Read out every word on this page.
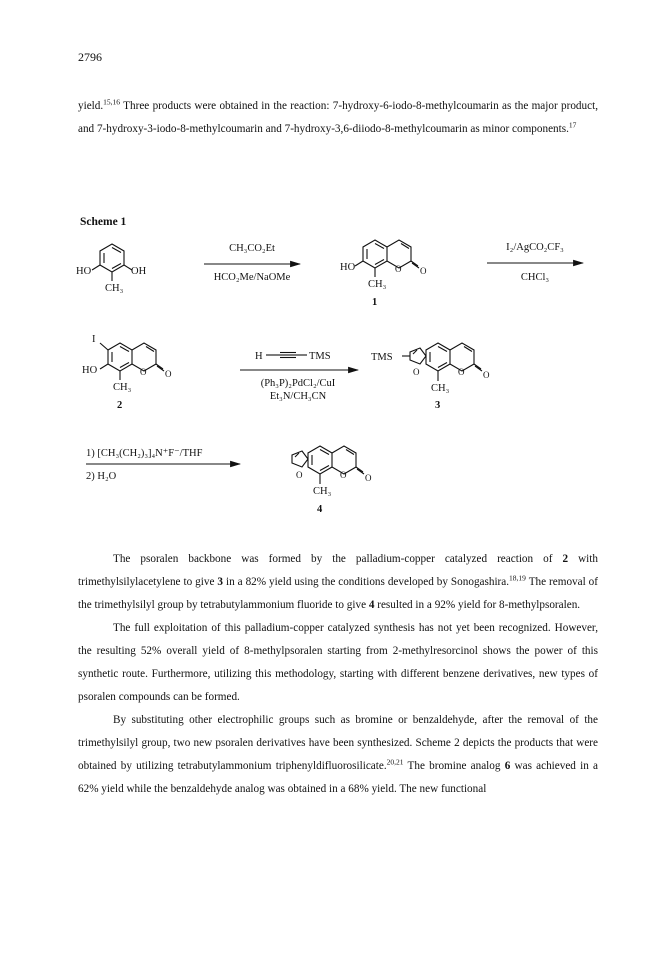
2796

yield.$^{15,16}$ Three products were obtained in the reaction: 7-hydroxy-6-iodo-8-methylcoumarin as the major product, and 7-hydroxy-3-iodo-8-methylcoumarin and 7-hydroxy-3,6-diiodo-8-methylcoumarin as minor components.$^{17}$

Scheme 1
HO	OH
CH₃
CH₃CO₂Et
HCO₂Me/NaOMe
HO	O O
CH₃
1
I₂/AgCO₂CF₃
CHCl₃
I
HO	O O
CH₃
2
H	TMS
(Ph₃P)₂PdCl₂/CuI
Et₃N/CH₃CN
TMS
O	O O
CH₃
3
1) [CH₃(CH₂)₃]₄N⁺F⁻/THF
2) H₂O	O	O O
CH₃
4

The psoralen backbone was formed by the palladium-copper catalyzed reaction of 2 with trimethylsilylacetylene to give 3 in a 82% yield using the conditions developed by Sonogashira.$^{18,19}$ The removal of the trimethylsilyl group by tetrabutylammonium fluoride to give 4 resulted in a 92% yield for 8-methylpsoralen.

The full exploitation of this palladium-copper catalyzed synthesis has not yet been recognized. However, the resulting 52% overall yield of 8-methylpsoralen starting from 2-methylresorcinol shows the power of this synthetic route. Furthermore, utilizing this methodology, starting with different benzene derivatives, new types of psoralen compounds can be formed.

By substituting other electrophilic groups such as bromine or benzaldehyde, after the removal of the trimethylsilyl group, two new psoralen derivatives have been synthesized. Scheme 2 depicts the products that were obtained by utilizing tetrabutylammonium triphenyldifluorosilicate.$^{20,21}$ The bromine analog 6 was achieved in a 62% yield while the benzaldehyde analog was obtained in a 68% yield. The new functional
